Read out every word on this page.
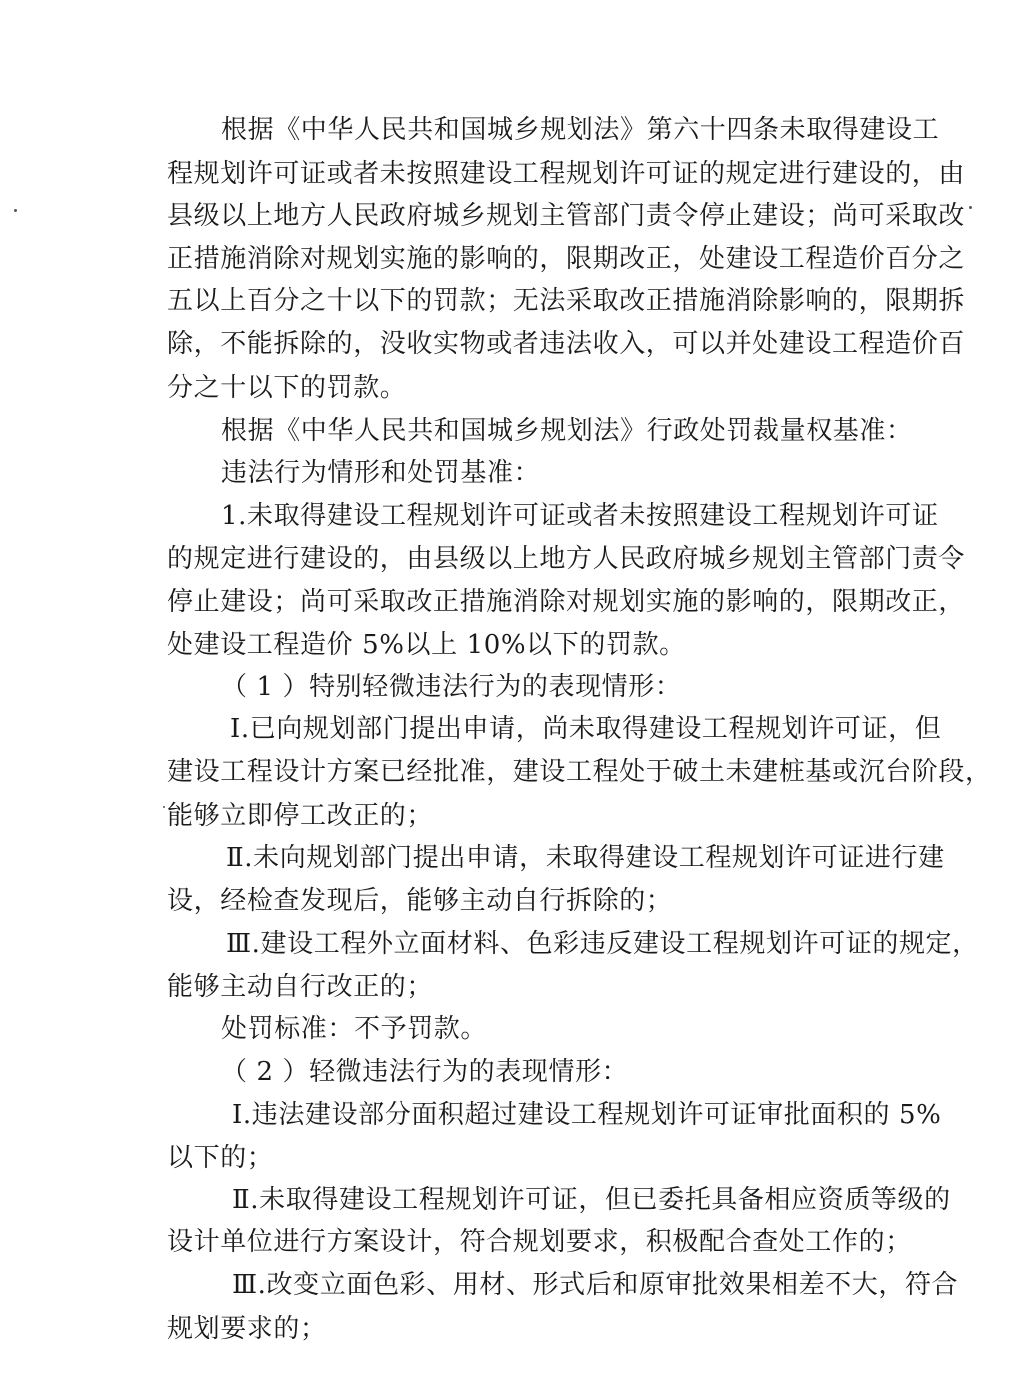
根据《中华人民共和国城乡规划法》第六十四条未取得建设工
程规划许可证或者未按照建设工程规划许可证的规定进行建设的，由
县级以上地方人民政府城乡规划主管部门责令停止建设；尚可采取改
正措施消除对规划实施的影响的，限期改正，处建设工程造价百分之
五以上百分之十以下的罚款；无法采取改正措施消除影响的，限期拆
除，不能拆除的，没收实物或者违法收入，可以并处建设工程造价百
分之十以下的罚款。
根据《中华人民共和国城乡规划法》行政处罚裁量权基准：
违法行为情形和处罚基准：
1.未取得建设工程规划许可证或者未按照建设工程规划许可证
的规定进行建设的，由县级以上地方人民政府城乡规划主管部门责令
停止建设；尚可采取改正措施消除对规划实施的影响的，限期改正，
处建设工程造价 5%以上 10%以下的罚款。
（ 1 ）特别轻微违法行为的表现情形：
Ⅰ.已向规划部门提出申请，尚未取得建设工程规划许可证，但
建设工程设计方案已经批准，建设工程处于破土未建桩基或沉台阶段，
能够立即停工改正的；
Ⅱ.未向规划部门提出申请，未取得建设工程规划许可证进行建
设，经检查发现后，能够主动自行拆除的；
Ⅲ.建设工程外立面材料、色彩违反建设工程规划许可证的规定，
能够主动自行改正的；
处罚标准：不予罚款。
（ 2 ）轻微违法行为的表现情形：
Ⅰ.违法建设部分面积超过建设工程规划许可证审批面积的 5%
以下的；
Ⅱ.未取得建设工程规划许可证，但已委托具备相应资质等级的
设计单位进行方案设计，符合规划要求，积极配合查处工作的；
Ⅲ.改变立面色彩、用材、形式后和原审批效果相差不大，符合
规划要求的；
